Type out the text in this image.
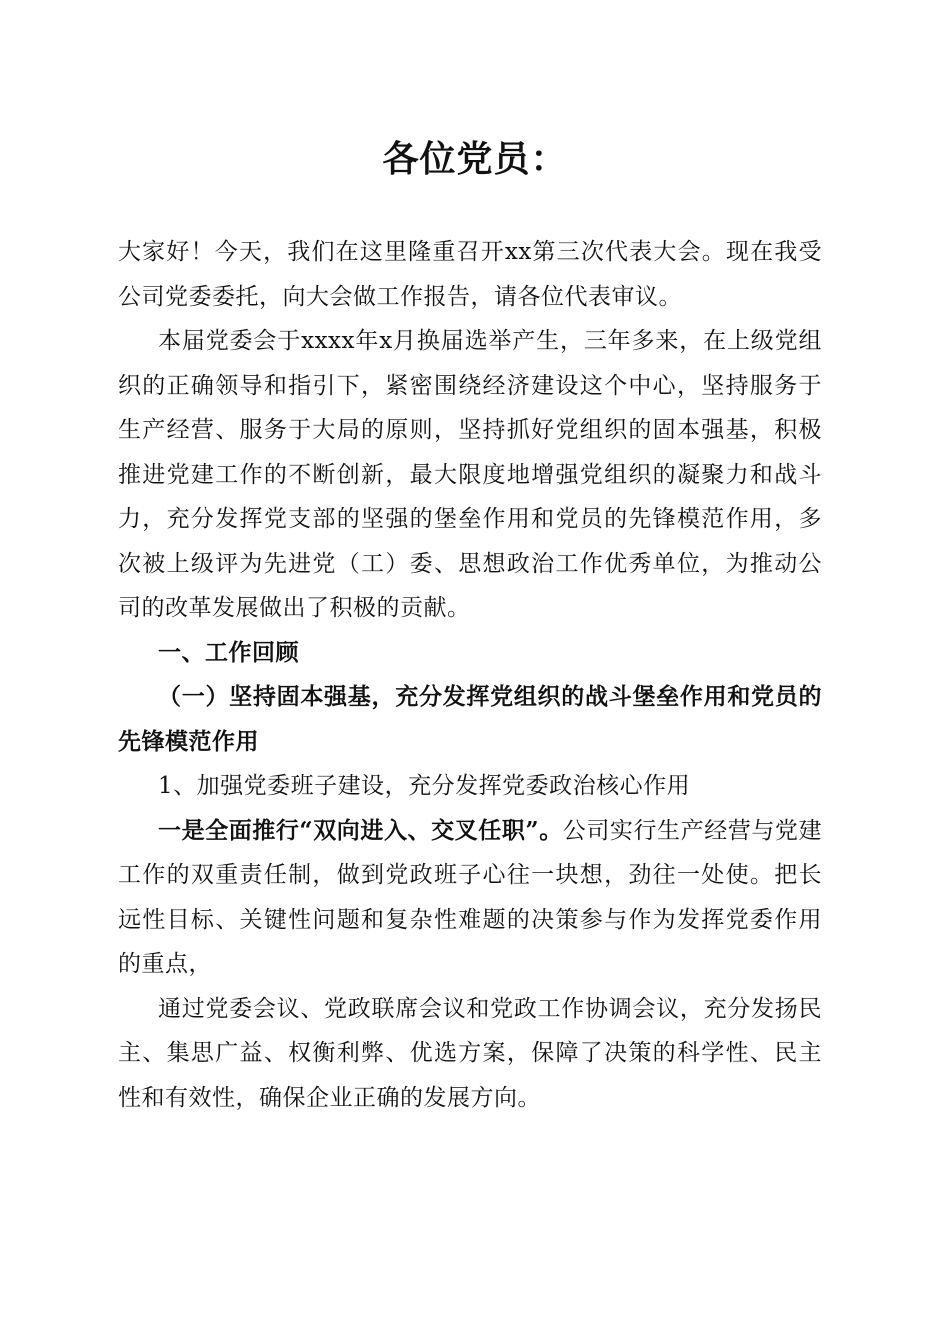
各位党员：

大家好！今天，我们在这里隆重召开xx第三次代表大会。现在我受公司党委委托，向大会做工作报告，请各位代表审议。

本届党委会于xxxx年x月换届选举产生，三年多来，在上级党组织的正确领导和指引下，紧密围绕经济建设这个中心，坚持服务于生产经营、服务于大局的原则，坚持抓好党组织的固本强基，积极推进党建工作的不断创新，最大限度地增强党组织的凝聚力和战斗力，充分发挥党支部的坚强的堡垒作用和党员的先锋模范作用，多次被上级评为先进党（工）委、思想政治工作优秀单位，为推动公司的改革发展做出了积极的贡献。

一、工作回顾

（一）坚持固本强基，充分发挥党组织的战斗堡垒作用和党员的先锋模范作用

1、加强党委班子建设，充分发挥党委政治核心作用

一是全面推行“双向进入、交叉任职”。公司实行生产经营与党建工作的双重责任制，做到党政班子心往一块想，劲往一处使。把长远性目标、关键性问题和复杂性难题的决策参与作为发挥党委作用的重点，

通过党委会议、党政联席会议和党政工作协调会议，充分发扬民主、集思广益、权衡利弊、优选方案，保障了决策的科学性、民主性和有效性，确保企业正确的发展方向。
